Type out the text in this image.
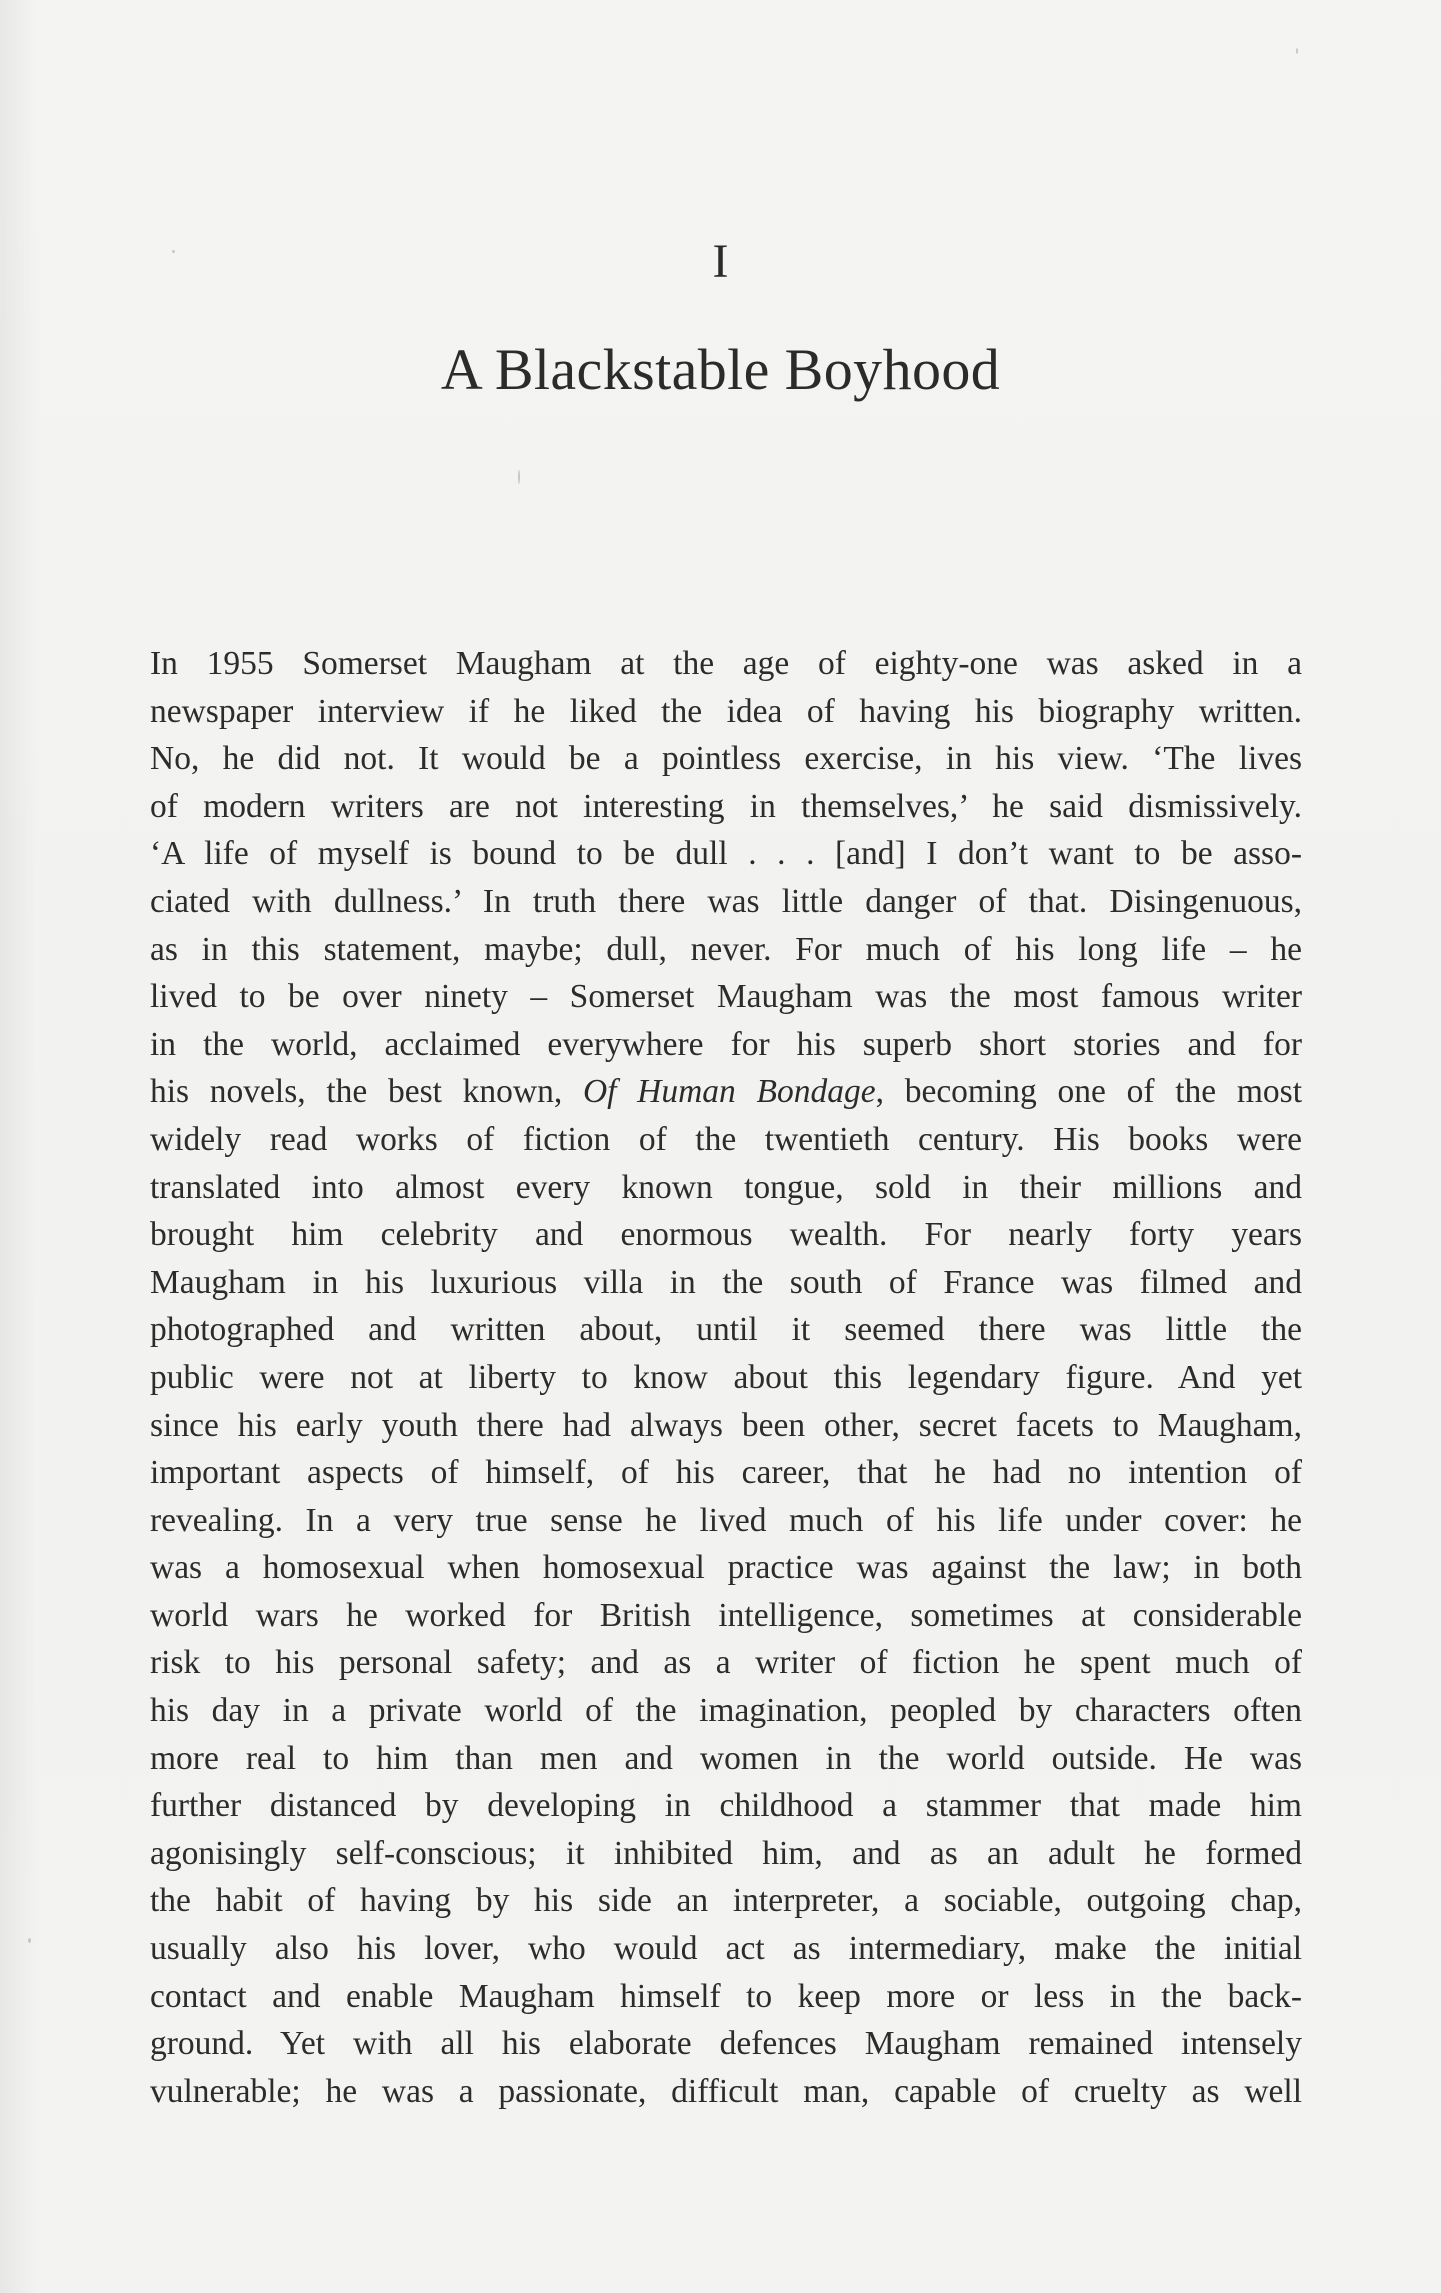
I
A Blackstable Boyhood
In 1955 Somerset Maugham at the age of eighty-one was asked in a
newspaper interview if he liked the idea of having his biography written.
No, he did not. It would be a pointless exercise, in his view. ‘The lives
of modern writers are not interesting in themselves,’ he said dismissively.
‘A life of myself is bound to be dull . . . [and] I don’t want to be asso-
ciated with dullness.’ In truth there was little danger of that. Disingenuous,
as in this statement, maybe; dull, never. For much of his long life – he
lived to be over ninety – Somerset Maugham was the most famous writer
in the world, acclaimed everywhere for his superb short stories and for
his novels, the best known, Of Human Bondage, becoming one of the most
widely read works of fiction of the twentieth century. His books were
translated into almost every known tongue, sold in their millions and
brought him celebrity and enormous wealth. For nearly forty years
Maugham in his luxurious villa in the south of France was filmed and
photographed and written about, until it seemed there was little the
public were not at liberty to know about this legendary figure. And yet
since his early youth there had always been other, secret facets to Maugham,
important aspects of himself, of his career, that he had no intention of
revealing. In a very true sense he lived much of his life under cover: he
was a homosexual when homosexual practice was against the law; in both
world wars he worked for British intelligence, sometimes at considerable
risk to his personal safety; and as a writer of fiction he spent much of
his day in a private world of the imagination, peopled by characters often
more real to him than men and women in the world outside. He was
further distanced by developing in childhood a stammer that made him
agonisingly self-conscious; it inhibited him, and as an adult he formed
the habit of having by his side an interpreter, a sociable, outgoing chap,
usually also his lover, who would act as intermediary, make the initial
contact and enable Maugham himself to keep more or less in the back-
ground. Yet with all his elaborate defences Maugham remained intensely
vulnerable; he was a passionate, difficult man, capable of cruelty as well
